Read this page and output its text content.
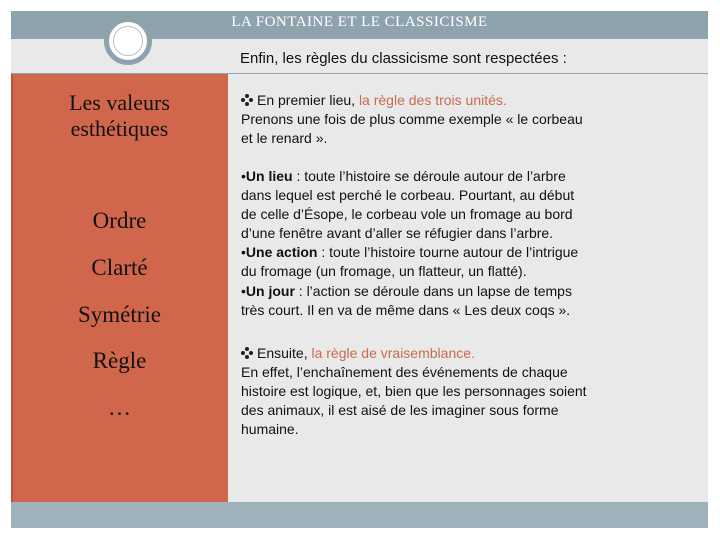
LA FONTAINE ET LE CLASSICISME
Enfin, les règles du classicisme sont respectées :
Les valeurs
esthétiques
Ordre
Clarté
Symétrie
Règle
…
En premier lieu, la règle des trois unités.
Prenons une fois de plus comme exemple « le corbeau
et le renard ».
•Un lieu : toute l’histoire se déroule autour de l’arbre
dans lequel est perché le corbeau. Pourtant, au début
de celle d’Ésope, le corbeau vole un fromage au bord
d’une fenêtre avant d’aller se réfugier dans l’arbre.
•Une action : toute l’histoire tourne autour de l’intrigue
du fromage (un fromage, un flatteur, un flatté).
•Un jour : l’action se déroule dans un lapse de temps
très court. Il en va de même dans « Les deux coqs ».
Ensuite, la règle de vraisemblance.
En effet, l’enchaînement des événements de chaque
histoire est logique, et, bien que les personnages soient
des animaux, il est aisé de les imaginer sous forme
humaine.
